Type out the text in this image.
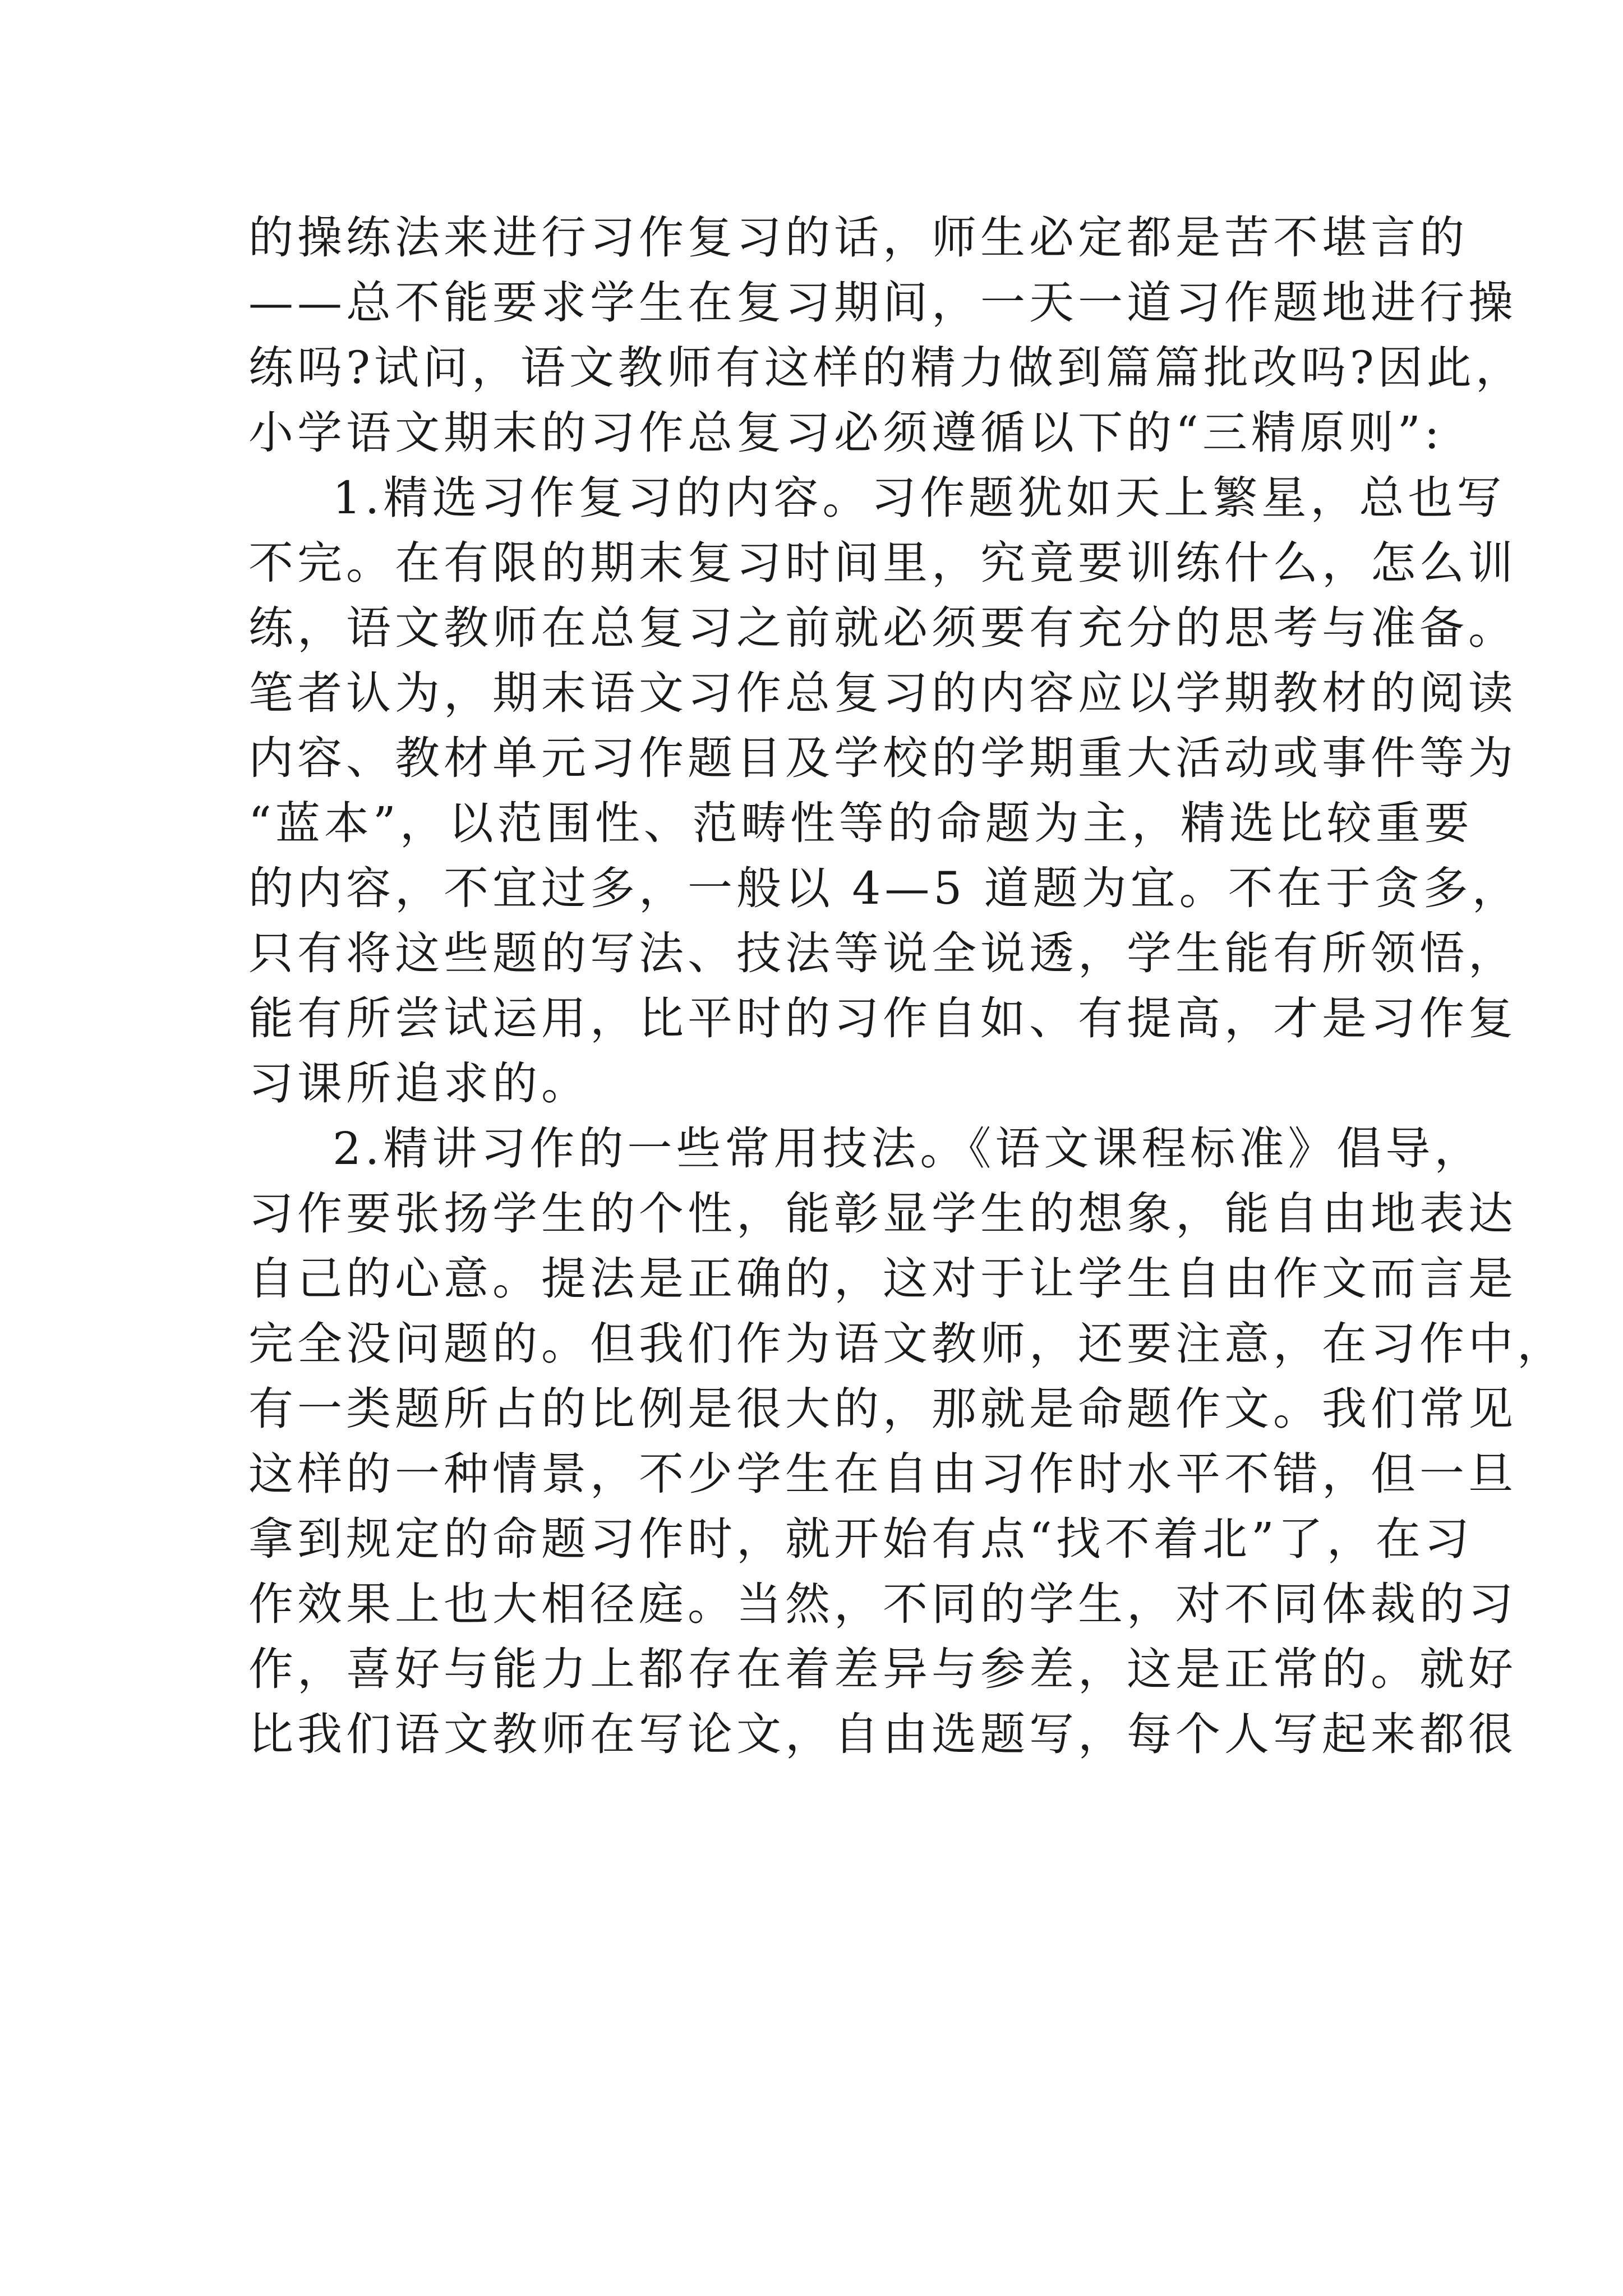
的操练法来进行习作复习的话，师生必定都是苦不堪言的
——总不能要求学生在复习期间，一天一道习作题地进行操
练吗?试问，语文教师有这样的精力做到篇篇批改吗?因此，
小学语文期末的习作总复习必须遵循以下的“三精原则”:
1.精选习作复习的内容。习作题犹如天上繁星，总也写
不完。在有限的期末复习时间里，究竟要训练什么，怎么训
练，语文教师在总复习之前就必须要有充分的思考与准备。
笔者认为，期末语文习作总复习的内容应以学期教材的阅读
内容、教材单元习作题目及学校的学期重大活动或事件等为
“蓝本”，以范围性、范畴性等的命题为主，精选比较重要
的内容，不宜过多，一般以 4—5 道题为宜。不在于贪多，
只有将这些题的写法、技法等说全说透，学生能有所领悟，
能有所尝试运用，比平时的习作自如、有提高，才是习作复
习课所追求的。
2.精讲习作的一些常用技法。《语文课程标准》倡导，
习作要张扬学生的个性，能彰显学生的想象，能自由地表达
自己的心意。提法是正确的，这对于让学生自由作文而言是
完全没问题的。但我们作为语文教师，还要注意，在习作中，
有一类题所占的比例是很大的，那就是命题作文。我们常见
这样的一种情景，不少学生在自由习作时水平不错，但一旦
拿到规定的命题习作时，就开始有点“找不着北”了，在习
作效果上也大相径庭。当然，不同的学生，对不同体裁的习
作，喜好与能力上都存在着差异与参差，这是正常的。就好
比我们语文教师在写论文，自由选题写，每个人写起来都很
